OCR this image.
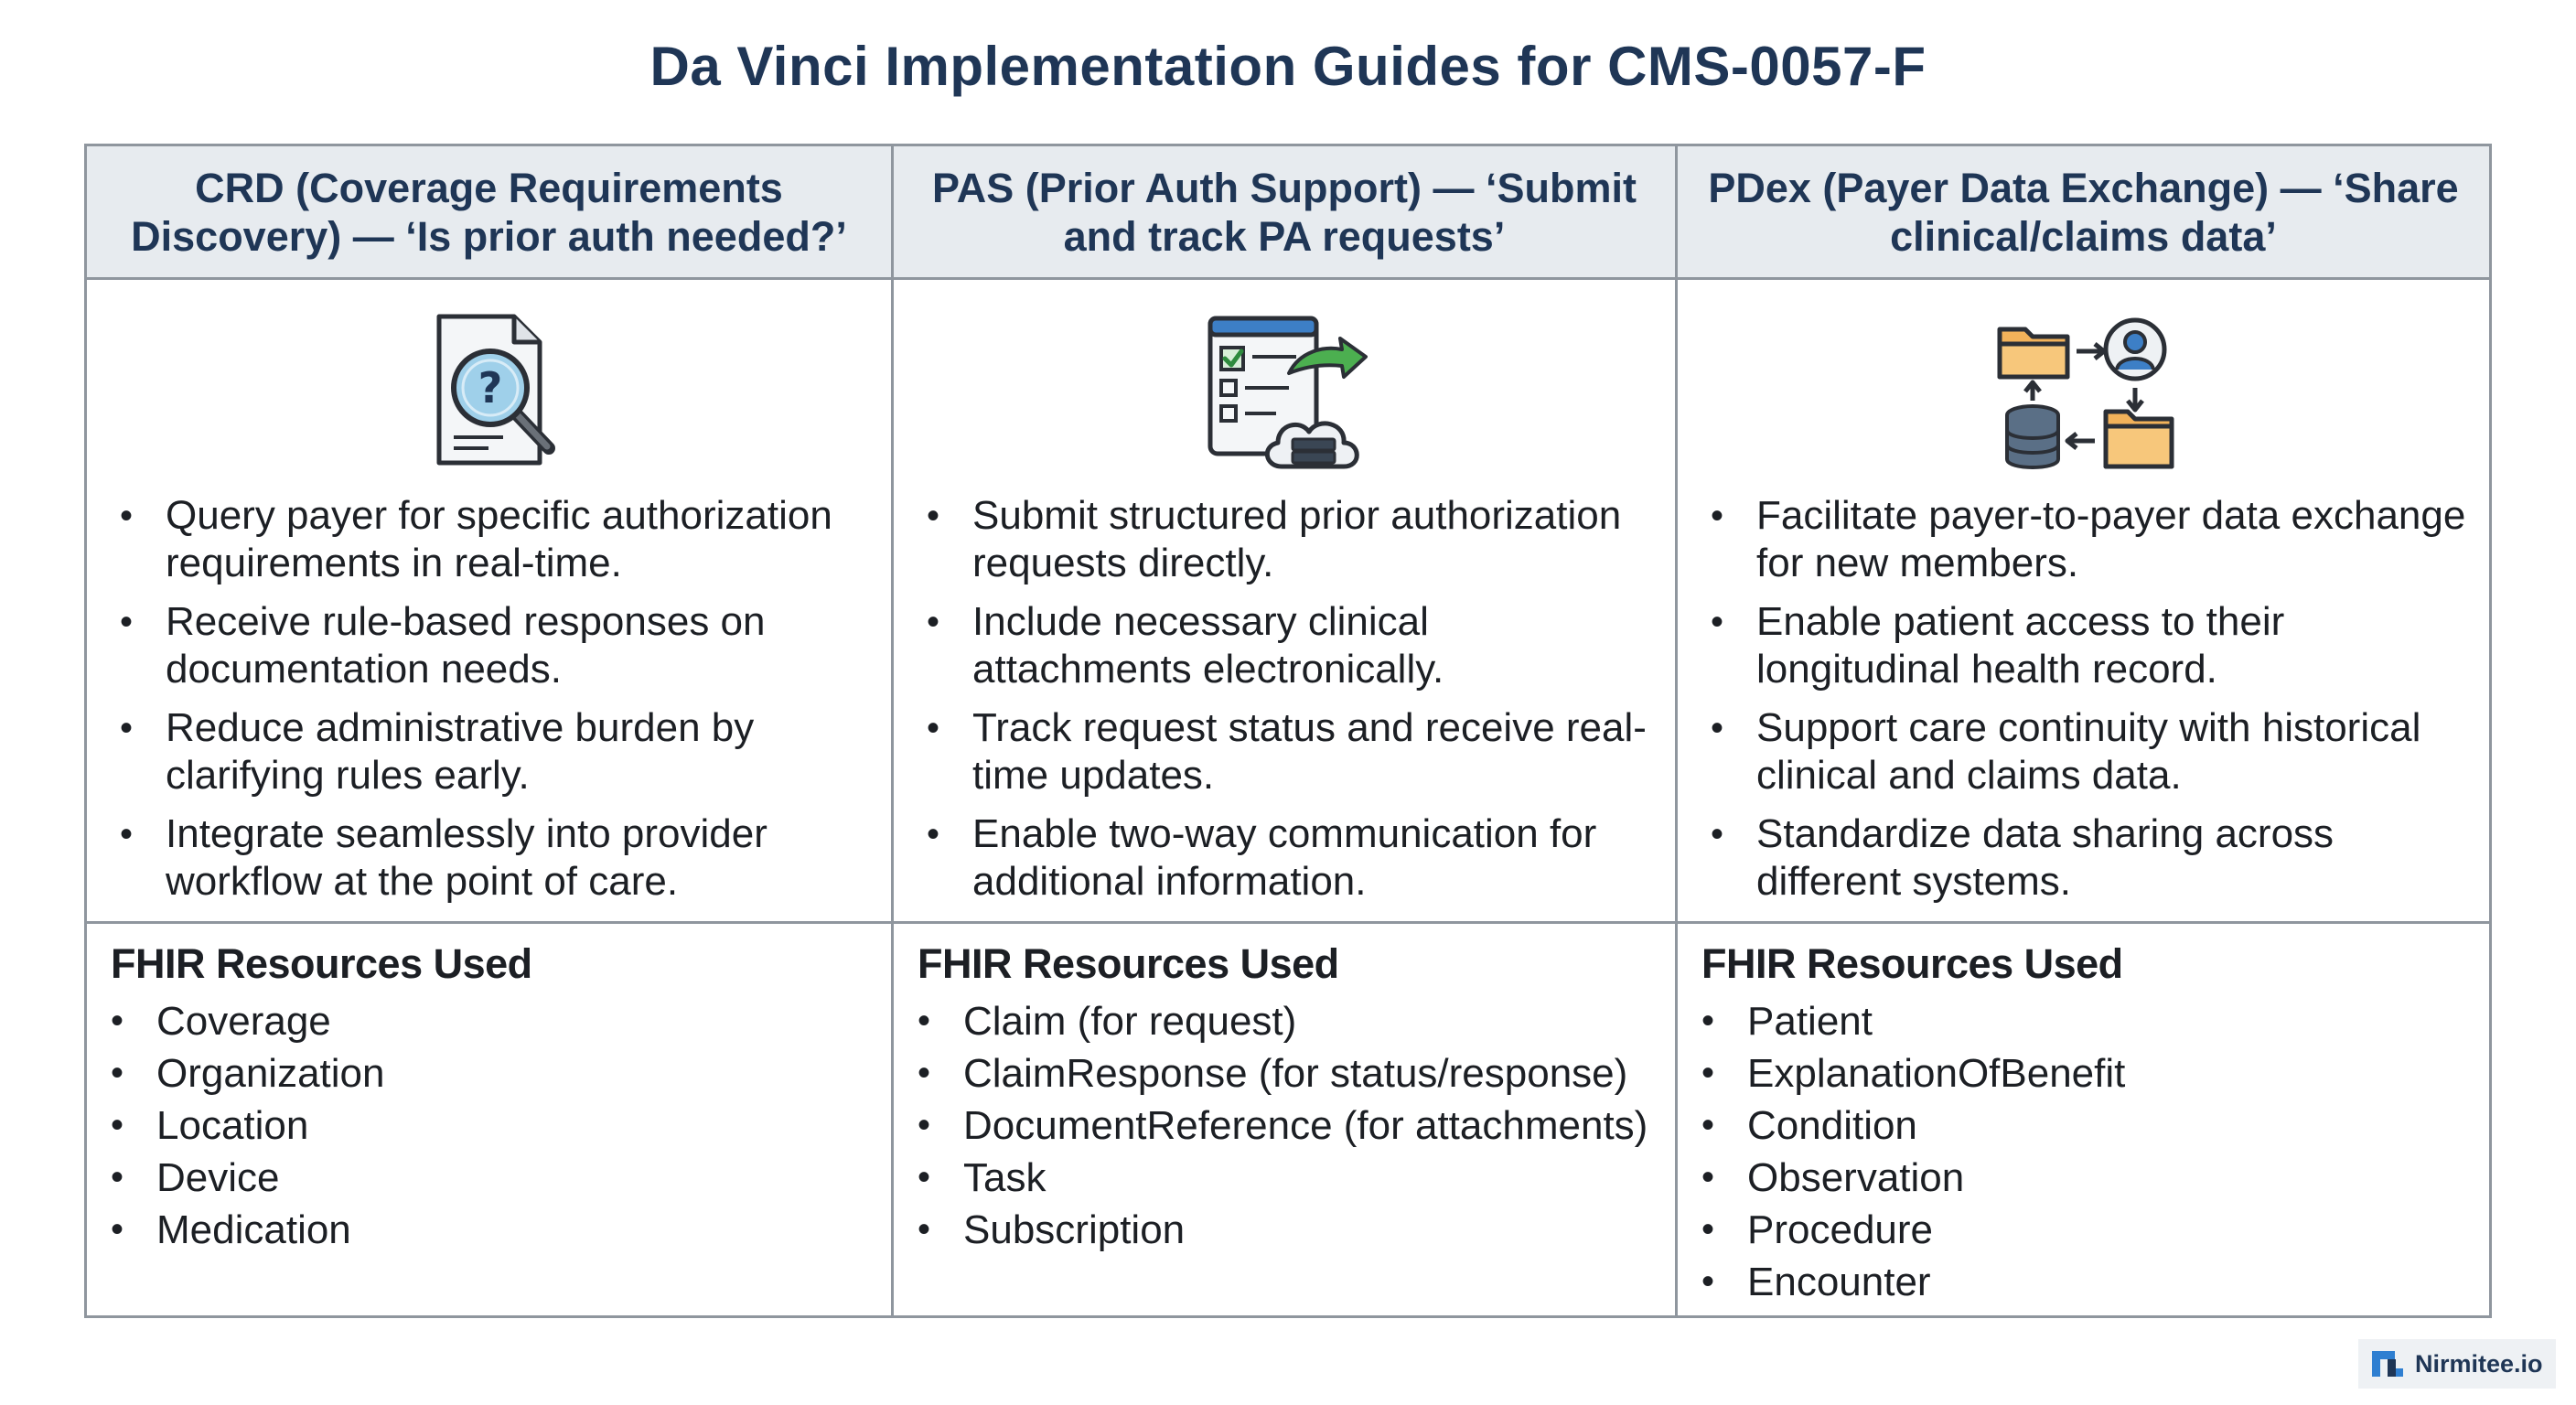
Da Vinci Implementation Guides for CMS-0057-F
CRD (Coverage Requirements Discovery) — ‘Is prior auth needed?’
PAS (Prior Auth Support) — ‘Submit and track PA requests’
PDex (Payer Data Exchange) — ‘Share clinical/claims data’
?
• Query payer for specific authorization requirements in real-time.
• Receive rule-based responses on documentation needs.
• Reduce administrative burden by clarifying rules early.
• Integrate seamlessly into provider workflow at the point of care.
• Submit structured prior authorization requests directly.
• Include necessary clinical attachments electronically.
• Track request status and receive real-time updates.
• Enable two-way communication for additional information.
• Facilitate payer-to-payer data exchange for new members.
• Enable patient access to their longitudinal health record.
• Support care continuity with historical clinical and claims data.
• Standardize data sharing across different systems.
FHIR Resources Used
• Coverage
• Organization
• Location
• Device
• Medication
FHIR Resources Used
• Claim (for request)
• ClaimResponse (for status/response)
• DocumentReference (for attachments)
• Task
• Subscription
FHIR Resources Used
• Patient
• ExplanationOfBenefit
• Condition
• Observation
• Procedure
• Encounter
Nirmitee.io
